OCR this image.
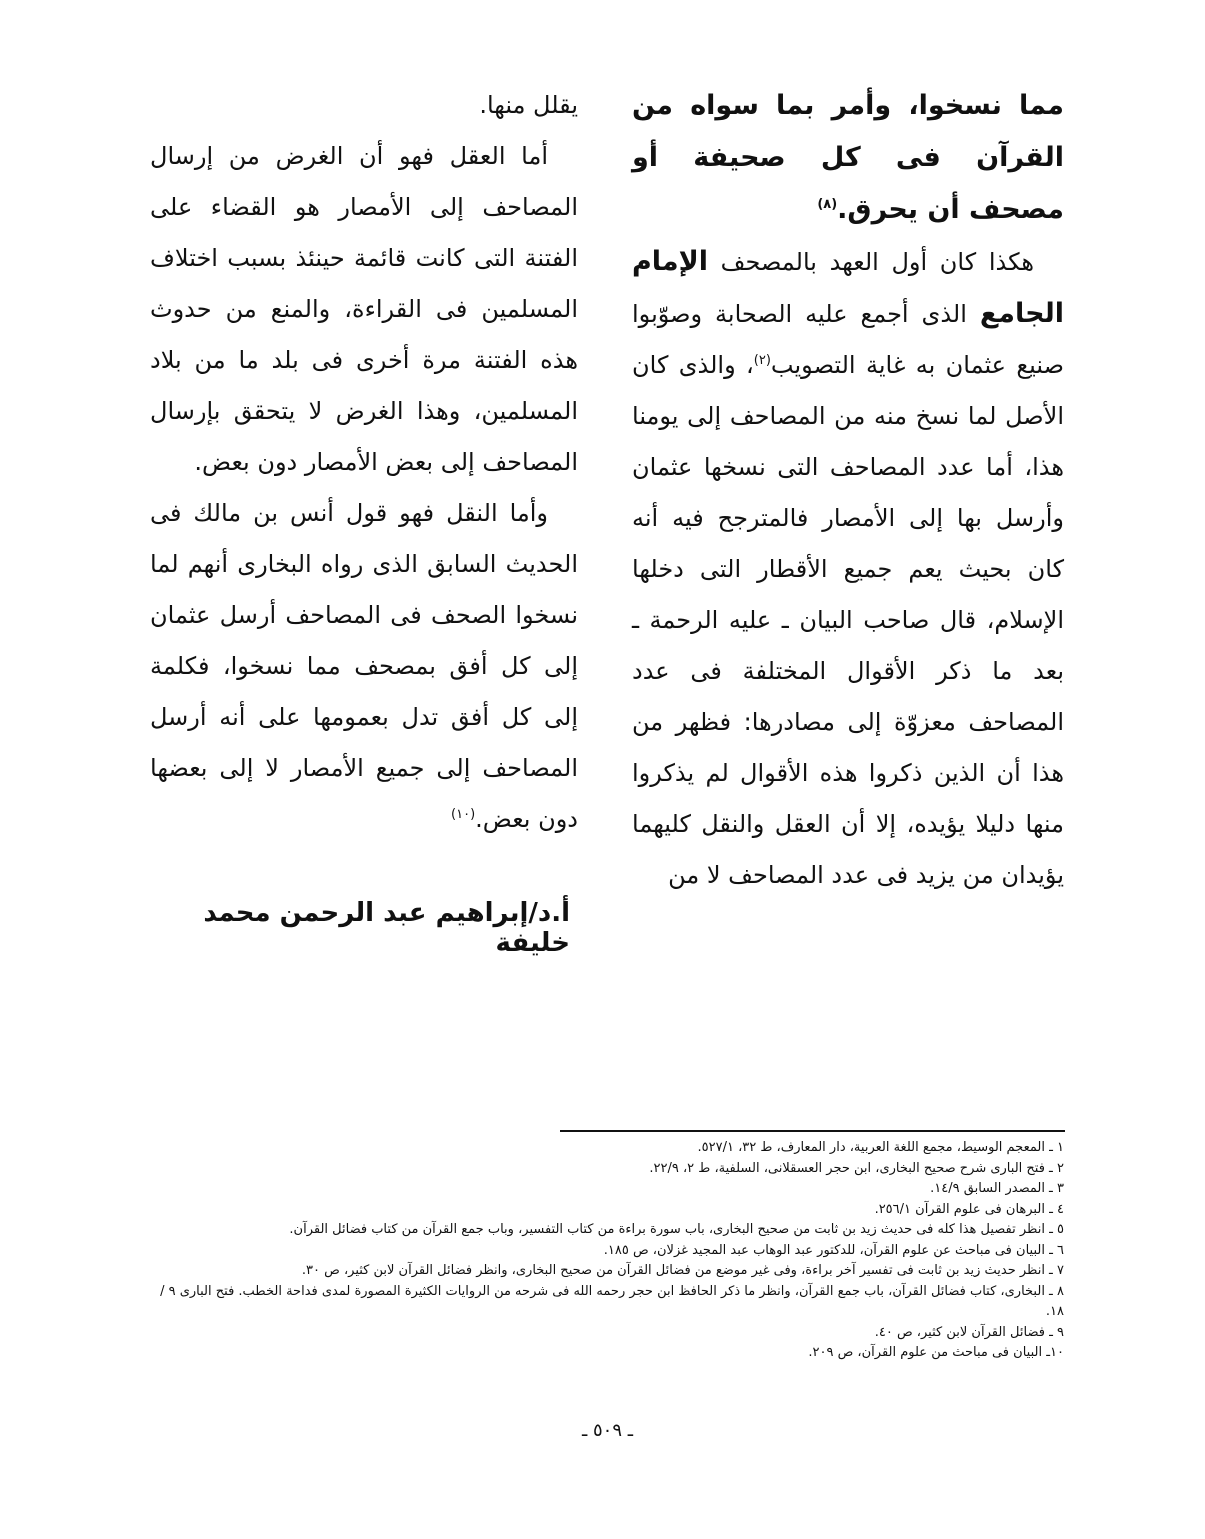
مما نسخوا، وأمر بما سواه من القرآن فى كل صحيفة أو مصحف أن يحرق.$^{(٨)}$

هكذا كان أول العهد بالمصحف الإمام الجامع الذى أجمع عليه الصحابة وصوّبوا صنيع عثمان به غاية التصويب$^{(٢)}$، والذى كان الأصل لما نسخ منه من المصاحف إلى يومنا هذا، أما عدد المصاحف التى نسخها عثمان وأرسل بها إلى الأمصار فالمترجح فيه أنه كان بحيث يعم جميع الأقطار التى دخلها الإسلام، قال صاحب البيان ـ عليه الرحمة ـ بعد ما ذكر الأقوال المختلفة فى عدد المصاحف معزوّة إلى مصادرها: فظهر من هذا أن الذين ذكروا هذه الأقوال لم يذكروا منها دليلا يؤيده، إلا أن العقل والنقل كليهما يؤيدان من يزيد فى عدد المصاحف لا من

يقلل منها.

أما العقل فهو أن الغرض من إرسال المصاحف إلى الأمصار هو القضاء على الفتنة التى كانت قائمة حينئذ بسبب اختلاف المسلمين فى القراءة، والمنع من حدوث هذه الفتنة مرة أخرى فى بلد ما من بلاد المسلمين، وهذا الغرض لا يتحقق بإرسال المصاحف إلى بعض الأمصار دون بعض.

وأما النقل فهو قول أنس بن مالك فى الحديث السابق الذى رواه البخارى أنهم لما نسخوا الصحف فى المصاحف أرسل عثمان إلى كل أفق بمصحف مما نسخوا، فكلمة إلى كل أفق تدل بعمومها على أنه أرسل المصاحف إلى جميع الأمصار لا إلى بعضها دون بعض.$^{(١٠)}$

أ.د/إبراهيم عبد الرحمن محمد خليفة
١ ـ المعجم الوسيط، مجمع اللغة العربية، دار المعارف، ط ٣٢، ٥٢٧/١.
٢ ـ فتح البارى شرح صحيح البخارى، ابن حجر العسقلانى، السلفية، ط ٢، ٢٢/٩.
٣ ـ المصدر السابق ١٤/٩.
٤ ـ البرهان فى علوم القرآن ٢٥٦/١.
٥ ـ انظر تفصيل هذا كله فى حديث زيد بن ثابت من صحيح البخارى، باب سورة براءة من كتاب التفسير، وباب جمع القرآن من كتاب فضائل القرآن.
٦ ـ البيان فى مباحث عن علوم القرآن، للدكتور عبد الوهاب عبد المجيد غزلان، ص ١٨٥.
٧ ـ انظر حديث زيد بن ثابت فى تفسير آخر براءة، وفى غير موضع من فضائل القرآن من صحيح البخارى، وانظر فضائل القرآن لابن كثير، ص ٣٠.
٨ ـ البخارى، كتاب فضائل القرآن، باب جمع القرآن، وانظر ما ذكر الحافظ ابن حجر رحمه الله فى شرحه من الروايات الكثيرة المصورة لمدى فداحة الخطب. فتح البارى ٩ / ١٨.
٩ ـ فضائل القرآن لابن كثير، ص ٤٠.
١٠ـ البيان فى مباحث من علوم القرآن، ص ٢٠٩.
ـ ٥٠٩ ـ
